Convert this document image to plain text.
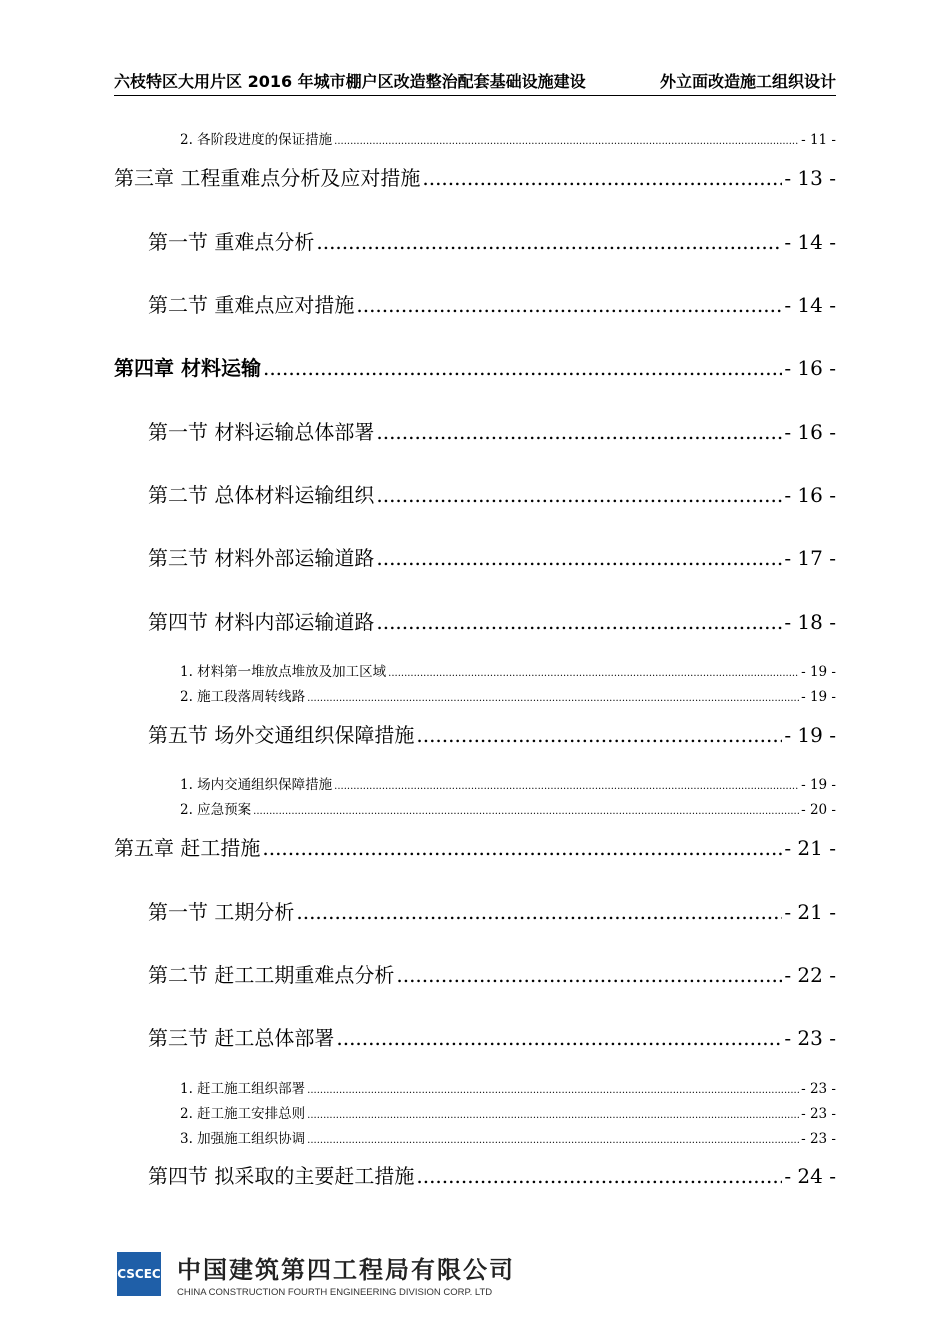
六枝特区大用片区 2016 年城市棚户区改造整治配套基础设施建设	外立面改造施工组织设计
2. 各阶段进度的保证措施 .....	- 11 -
第三章 工程重难点分析及应对措施 .....	- 13 -
第一节 重难点分析 .....	- 14 -
第二节 重难点应对措施 .....	- 14 -
第四章 材料运输 .....	- 16 -
第一节 材料运输总体部署 .....	- 16 -
第二节 总体材料运输组织 .....	- 16 -
第三节 材料外部运输道路 .....	- 17 -
第四节 材料内部运输道路 .....	- 18 -
1. 材料第一堆放点堆放及加工区域 .....	- 19 -
2. 施工段落周转线路 .....	- 19 -
第五节 场外交通组织保障措施 .....	- 19 -
1. 场内交通组织保障措施 .....	- 19 -
2. 应急预案 .....	- 20 -
第五章 赶工措施 .....	- 21 -
第一节 工期分析 .....	- 21 -
第二节 赶工工期重难点分析 .....	- 22 -
第三节 赶工总体部署 .....	- 23 -
1. 赶工施工组织部署 .....	- 23 -
2. 赶工施工安排总则 .....	- 23 -
3. 加强施工组织协调 .....	- 23 -
第四节 拟采取的主要赶工措施 .....	- 24 -
CSCEC 中国建筑第四工程局有限公司
CHINA CONSTRUCTION FOURTH ENGINEERING DIVISION CORP. LTD
